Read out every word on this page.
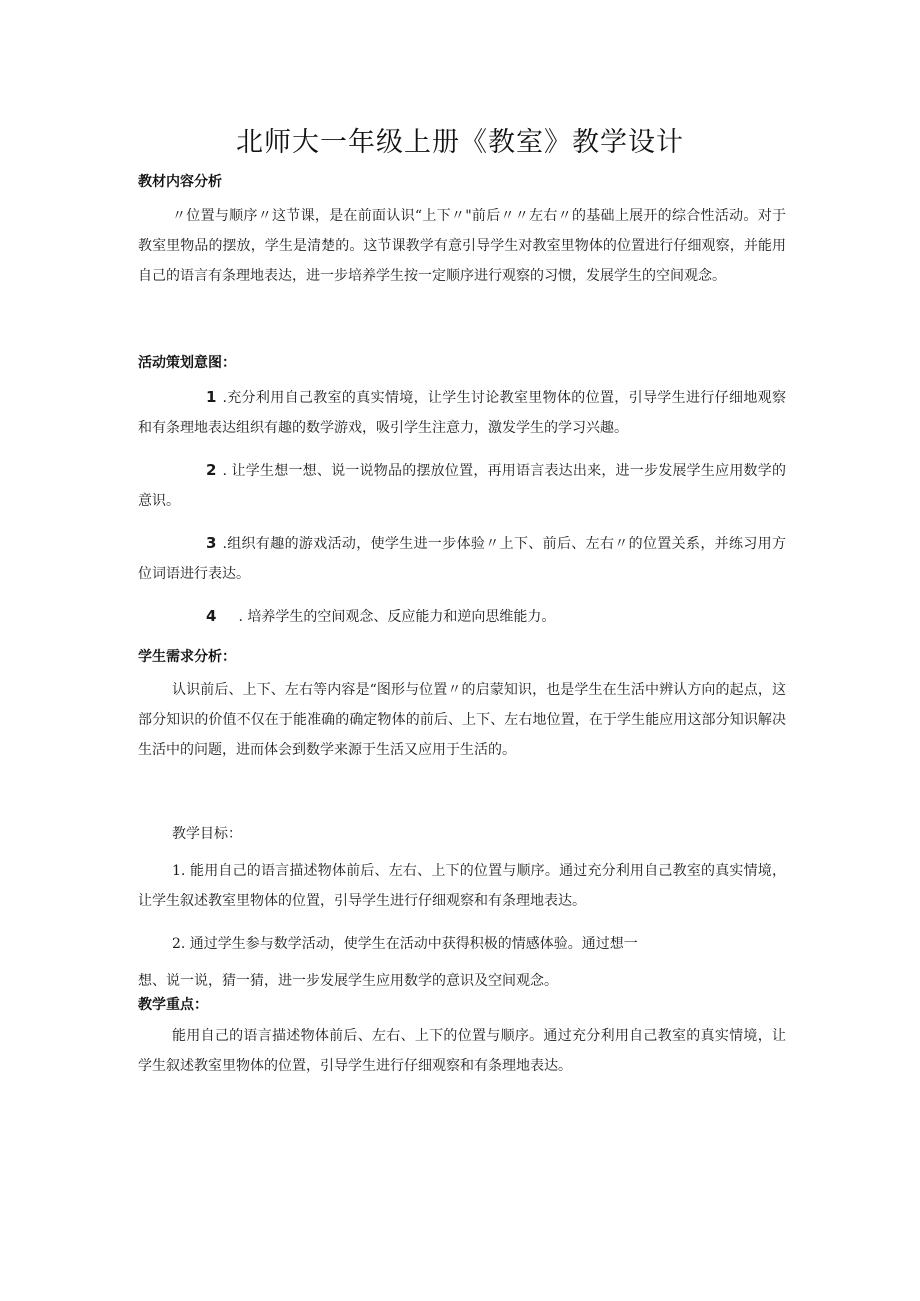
北师大一年级上册《教室》教学设计
教材内容分析

〃位置与顺序〃这节课，是在前面认识“上下〃"前后〃〃左右〃的基础上展开的综合性活动。对于教室里物品的摆放，学生是清楚的。这节课教学有意引导学生对教室里物体的位置进行仔细观察，并能用自己的语言有条理地表达，进一步培养学生按一定顺序进行观察的习惯，发展学生的空间观念。

活动策划意图：

1 .充分利用自己教室的真实情境，让学生讨论教室里物体的位置，引导学生进行仔细地观察和有条理地表达组织有趣的数学游戏，吸引学生注意力，激发学生的学习兴趣。

2 . 让学生想一想、说一说物品的摆放位置，再用语言表达出来，进一步发展学生应用数学的意识。

3 .组织有趣的游戏活动，使学生进一步体验〃上下、前后、左右〃的位置关系，并练习用方位词语进行表达。

4 . 培养学生的空间观念、反应能力和逆向思维能力。

学生需求分析：

认识前后、上下、左右等内容是“图形与位置〃的启蒙知识，也是学生在生活中辨认方向的起点，这部分知识的价值不仅在于能准确的确定物体的前后、上下、左右地位置，在于学生能应用这部分知识解决生活中的问题，进而体会到数学来源于生活又应用于生活的。

教学目标：

1. 能用自己的语言描述物体前后、左右、上下的位置与顺序。通过充分利用自己教室的真实情境，让学生叙述教室里物体的位置，引导学生进行仔细观察和有条理地表达。

2. 通过学生参与数学活动，使学生在活动中获得积极的情感体验。通过想一

想、说一说，猜一猜，进一步发展学生应用数学的意识及空间观念。

教学重点：

能用自己的语言描述物体前后、左右、上下的位置与顺序。通过充分利用自己教室的真实情境，让学生叙述教室里物体的位置，引导学生进行仔细观察和有条理地表达。
